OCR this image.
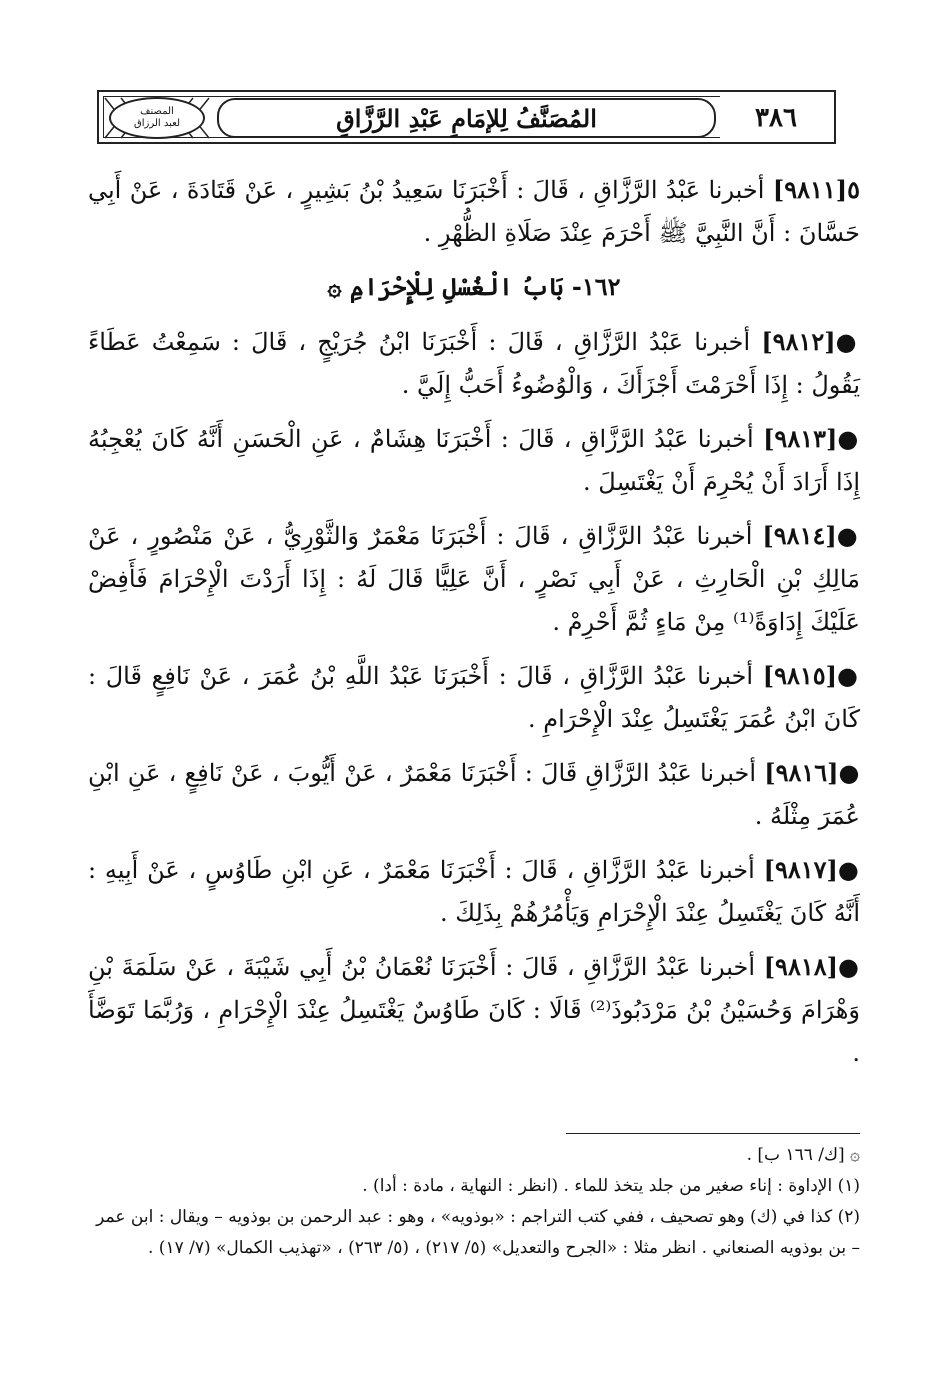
المصنف
لعبد الرزاق	المُصَنَّفُ لِلإمَامِ عَبْدِ الرَّزَّاقِ	٣٨٦

٥[٩٨١١] أخبرنا عَبْدُ الرَّزَّاقِ ، قَالَ : أَخْبَرَنَا سَعِيدُ بْنُ بَشِيرٍ ، عَنْ قَتَادَةَ ، عَنْ أَبِي حَسَّانَ : أَنَّ النَّبِيَّ ﷺ أَحْرَمَ عِنْدَ صَلَاةِ الظُّهْرِ .

١٦٢- بَابُ الْغُسْلِ لِلْإِحْرَامِ ۞

●[٩٨١٢] أخبرنا عَبْدُ الرَّزَّاقِ ، قَالَ : أَخْبَرَنَا ابْنُ جُرَيْجٍ ، قَالَ : سَمِعْتُ عَطَاءً يَقُولُ : إِذَا أَحْرَمْتَ أَجْزَأَكَ ، وَالْوُضُوءُ أَحَبُّ إِلَيَّ .

●[٩٨١٣] أخبرنا عَبْدُ الرَّزَّاقِ ، قَالَ : أَخْبَرَنَا هِشَامٌ ، عَنِ الْحَسَنِ أَنَّهُ كَانَ يُعْجِبُهُ إِذَا أَرَادَ أَنْ يُحْرِمَ أَنْ يَغْتَسِلَ .

●[٩٨١٤] أخبرنا عَبْدُ الرَّزَّاقِ ، قَالَ : أَخْبَرَنَا مَعْمَرٌ وَالثَّوْرِيُّ ، عَنْ مَنْصُورٍ ، عَنْ مَالِكِ بْنِ الْحَارِثِ ، عَنْ أَبِي نَصْرٍ ، أَنَّ عَلِيًّا قَالَ لَهُ : إِذَا أَرَدْتَ الْإِحْرَامَ فَأَفِضْ عَلَيْكَ إِدَاوَةً⁽¹⁾ مِنْ مَاءٍ ثُمَّ أَحْرِمْ .

●[٩٨١٥] أخبرنا عَبْدُ الرَّزَّاقِ ، قَالَ : أَخْبَرَنَا عَبْدُ اللَّهِ بْنُ عُمَرَ ، عَنْ نَافِعٍ قَالَ : كَانَ ابْنُ عُمَرَ يَغْتَسِلُ عِنْدَ الْإِحْرَامِ .

●[٩٨١٦] أخبرنا عَبْدُ الرَّزَّاقِ قَالَ : أَخْبَرَنَا مَعْمَرٌ ، عَنْ أَيُّوبَ ، عَنْ نَافِعٍ ، عَنِ ابْنِ عُمَرَ مِثْلَهُ .

●[٩٨١٧] أخبرنا عَبْدُ الرَّزَّاقِ ، قَالَ : أَخْبَرَنَا مَعْمَرٌ ، عَنِ ابْنِ طَاوُسٍ ، عَنْ أَبِيهِ : أَنَّهُ كَانَ يَغْتَسِلُ عِنْدَ الْإِحْرَامِ وَيَأْمُرُهُمْ بِذَلِكَ .

●[٩٨١٨] أخبرنا عَبْدُ الرَّزَّاقِ ، قَالَ : أَخْبَرَنَا نُعْمَانُ بْنُ أَبِي شَيْبَةَ ، عَنْ سَلَمَةَ بْنِ وَهْرَامَ وَحُسَيْنُ بْنُ مَرْدَبُوذَ⁽²⁾ قَالَا : كَانَ طَاوُسٌ يَغْتَسِلُ عِنْدَ الْإِحْرَامِ ، وَرُبَّمَا تَوَضَّأَ .

۞ [ك/ ١٦٦ ب] .

(١) الإداوة : إناء صغير من جلد يتخذ للماء . (انظر : النهاية ، مادة : أدا) .

(٢) كذا في (ك) وهو تصحيف ، ففي كتب التراجم : «بوذويه» ، وهو : عبد الرحمن بن بوذويه – ويقال : ابن عمر – بن بوذويه الصنعاني . انظر مثلا : «الجرح والتعديل» (٥/ ٢١٧) ، (٥/ ٢٦٣) ، «تهذيب الكمال» (٧/ ١٧) .
